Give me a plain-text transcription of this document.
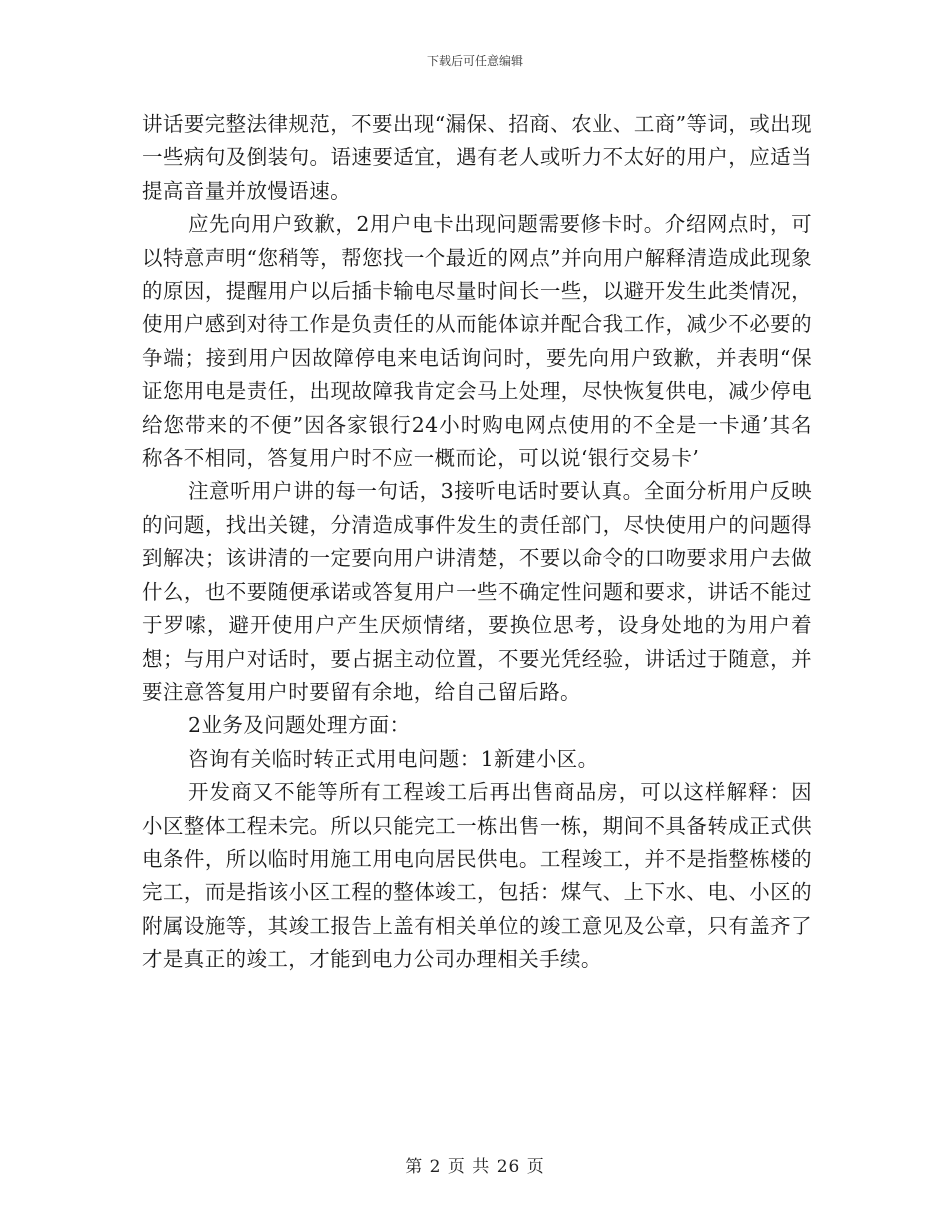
下载后可任意编辑

讲话要完整法律规范，不要出现“漏保、招商、农业、工商”等词，或出现一些病句及倒装句。语速要适宜，遇有老人或听力不太好的用户，应适当提高音量并放慢语速。

应先向用户致歉，2用户电卡出现问题需要修卡时。介绍网点时，可以特意声明“您稍等，帮您找一个最近的网点”并向用户解释清造成此现象的原因，提醒用户以后插卡输电尽量时间长一些，以避开发生此类情况，使用户感到对待工作是负责任的从而能体谅并配合我工作，减少不必要的争端；接到用户因故障停电来电话询问时，要先向用户致歉，并表明“保证您用电是责任，出现故障我肯定会马上处理，尽快恢复供电，减少停电给您带来的不便”因各家银行24小时购电网点使用的不全是一卡通’其名称各不相同，答复用户时不应一概而论，可以说‘银行交易卡’

注意听用户讲的每一句话，3接听电话时要认真。全面分析用户反映的问题，找出关键，分清造成事件发生的责任部门，尽快使用户的问题得到解决；该讲清的一定要向用户讲清楚，不要以命令的口吻要求用户去做什么，也不要随便承诺或答复用户一些不确定性问题和要求，讲话不能过于罗嗦，避开使用户产生厌烦情绪，要换位思考，设身处地的为用户着想；与用户对话时，要占据主动位置，不要光凭经验，讲话过于随意，并要注意答复用户时要留有余地，给自己留后路。

2业务及问题处理方面：

咨询有关临时转正式用电问题：1新建小区。

开发商又不能等所有工程竣工后再出售商品房，可以这样解释：因小区整体工程未完。所以只能完工一栋出售一栋，期间不具备转成正式供电条件，所以临时用施工用电向居民供电。工程竣工，并不是指整栋楼的完工，而是指该小区工程的整体竣工，包括：煤气、上下水、电、小区的附属设施等，其竣工报告上盖有相关单位的竣工意见及公章，只有盖齐了才是真正的竣工，才能到电力公司办理相关手续。

第 2 页 共 26 页
